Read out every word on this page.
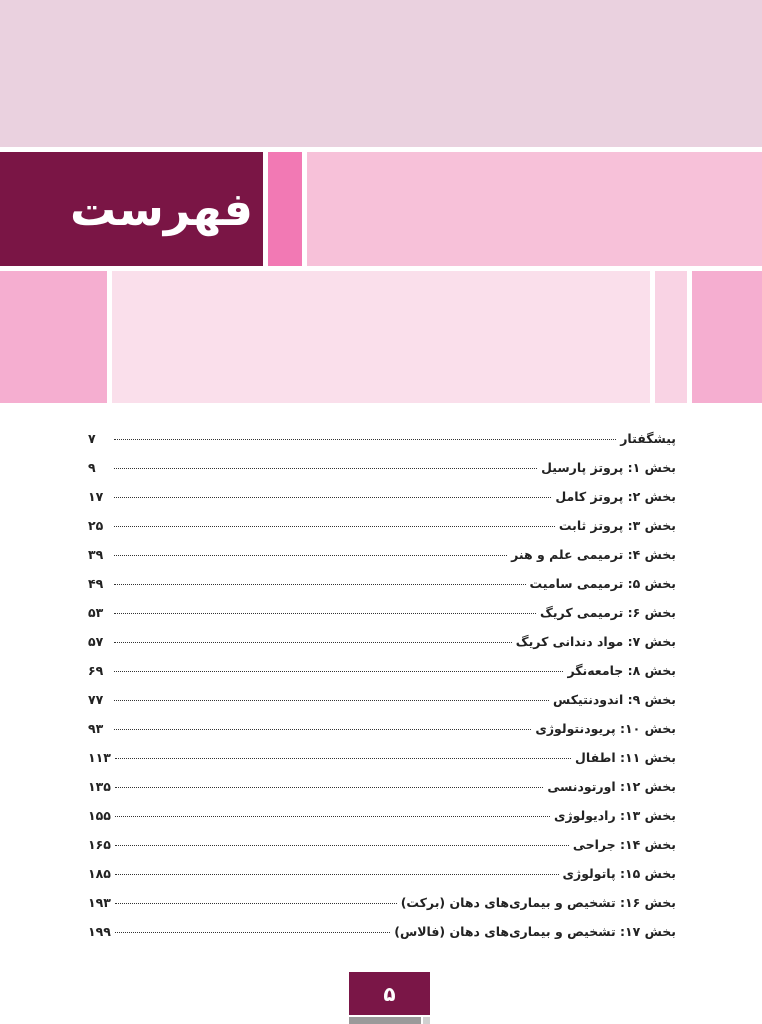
فهرست
پیشگفتار
۷
بخش ۱: پروتز پارسیل
۹
بخش ۲: پروتز کامل
۱۷
بخش ۳: پروتز ثابت
۲۵
بخش ۴: ترمیمی علم و هنر
۳۹
بخش ۵: ترمیمی سامیت
۴۹
بخش ۶: ترمیمی کریگ
۵۳
بخش ۷: مواد دندانی کریگ
۵۷
بخش ۸: جامعه‌نگر
۶۹
بخش ۹: اندودنتیکس
۷۷
بخش ۱۰: پریودنتولوژی
۹۳
بخش ۱۱: اطفال
۱۱۳
بخش ۱۲: اورتودنسی
۱۳۵
بخش ۱۳: رادیولوژی
۱۵۵
بخش ۱۴: جراحی
۱۶۵
بخش ۱۵: پاتولوژی
۱۸۵
بخش ۱۶: تشخیص و بیماری‌های دهان (برکت)
۱۹۳
بخش ۱۷: تشخیص و بیماری‌های دهان (فالاس)
۱۹۹
۵
